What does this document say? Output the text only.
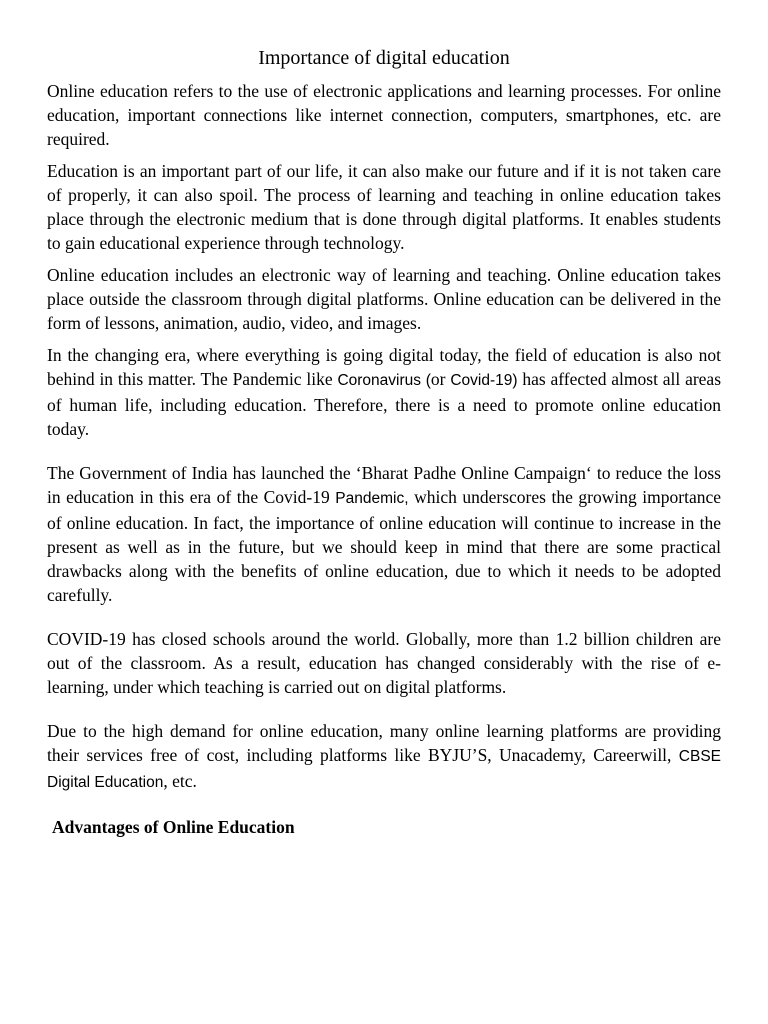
Importance of digital education

Online education refers to the use of electronic applications and learning processes. For online education, important connections like internet connection, computers, smartphones, etc. are required.

Education is an important part of our life, it can also make our future and if it is not taken care of properly, it can also spoil. The process of learning and teaching in online education takes place through the electronic medium that is done through digital platforms. It enables students to gain educational experience through technology.

Online education includes an electronic way of learning and teaching. Online education takes place outside the classroom through digital platforms. Online education can be delivered in the form of lessons, animation, audio, video, and images.

In the changing era, where everything is going digital today, the field of education is also not behind in this matter. The Pandemic like Coronavirus (or Covid-19) has affected almost all areas of human life, including education. Therefore, there is a need to promote online education today.

The Government of India has launched the ‘Bharat Padhe Online Campaign‘ to reduce the loss in education in this era of the Covid-19 Pandemic, which underscores the growing importance of online education. In fact, the importance of online education will continue to increase in the present as well as in the future, but we should keep in mind that there are some practical drawbacks along with the benefits of online education, due to which it needs to be adopted carefully.

COVID-19 has closed schools around the world. Globally, more than 1.2 billion children are out of the classroom. As a result, education has changed considerably with the rise of e-learning, under which teaching is carried out on digital platforms.

Due to the high demand for online education, many online learning platforms are providing their services free of cost, including platforms like BYJU’S, Unacademy, Careerwill, CBSE Digital Education, etc.

Advantages of Online Education
